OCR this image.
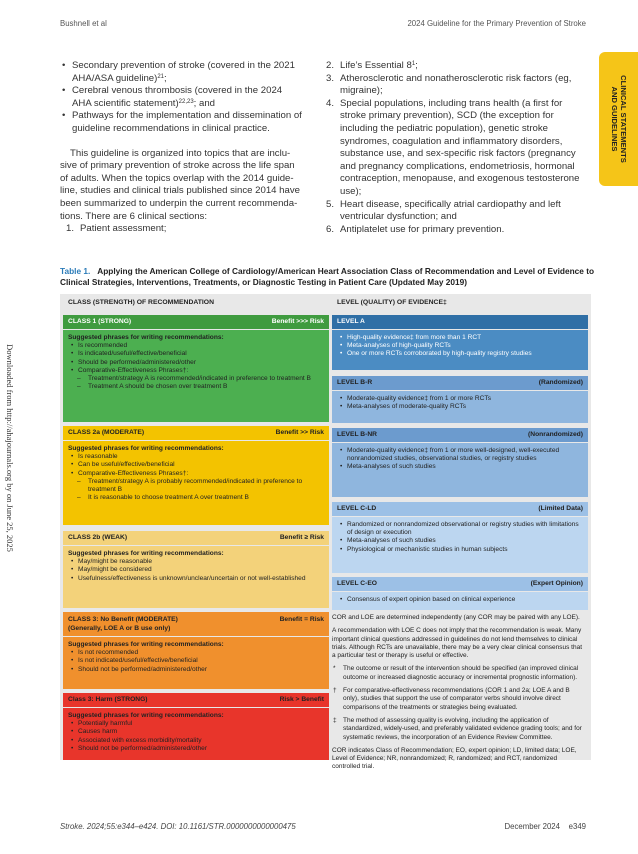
Bushnell et al	2024 Guideline for the Primary Prevention of Stroke
CLINICAL STATEMENTS
AND GUIDELINES
Downloaded from http://ahajournals.org by on June 25, 2025
• Secondary prevention of stroke (covered in the 2021 AHA/ASA guideline)$^{21}$;
• Cerebral venous thrombosis (covered in the 2024 AHA scientific statement)$^{22,23}$; and
• Pathways for the implementation and dissemination of guideline recommendations in clinical practice.
This guideline is organized into topics that are inclu-
sive of primary prevention of stroke across the life span
of adults. When the topics overlap with the 2014 guide-
line, studies and clinical trials published since 2014 have
been summarized to underpin the current recommenda-
tions. There are 6 clinical sections:
1. Patient assessment;
2. Life’s Essential $8^1$;
3. Atherosclerotic and nonatherosclerotic risk factors (eg, migraine);
4. Special populations, including trans health (a first for stroke primary prevention), SCD (the exception for including the pediatric population), genetic stroke syndromes, coagulation and inflammatory disorders, substance use, and sex-specific risk factors (pregnancy and pregnancy complications, endometriosis, hormonal contraception, menopause, and exogenous testosterone use);
5. Heart disease, specifically atrial cardiopathy and left ventricular dysfunction; and
6. Antiplatelet use for primary prevention.
Table 1. Applying the American College of Cardiology/American Heart Association Class of Recommendation and Level of Evidence to Clinical Strategies, Interventions, Treatments, or Diagnostic Testing in Patient Care (Updated May 2019)
CLASS (STRENGTH) OF RECOMMENDATION
CLASS 1 (STRONG)	Benefit >>> Risk
Suggested phrases for writing recommendations:
• Is recommended
• Is indicated/useful/effective/beneficial
• Should be performed/administered/other
• Comparative-Effectiveness Phrases†:
– Treatment/strategy A is recommended/indicated in preference to treatment B
– Treatment A should be chosen over treatment B
CLASS 2a (MODERATE)	Benefit >> Risk
Suggested phrases for writing recommendations:
• Is reasonable
• Can be useful/effective/beneficial
• Comparative-Effectiveness Phrases†:
– Treatment/strategy A is probably recommended/indicated in preference to treatment B
– It is reasonable to choose treatment A over treatment B
CLASS 2b (WEAK)	Benefit ≥ Risk
Suggested phrases for writing recommendations:
• May/might be reasonable
• May/might be considered
• Usefulness/effectiveness is unknown/unclear/uncertain or not well-established
CLASS 3: No Benefit (MODERATE)
(Generally, LOE A or B use only)
Benefit = Risk
Suggested phrases for writing recommendations:
• Is not recommended
• Is not indicated/useful/effective/beneficial
• Should not be performed/administered/other
Class 3: Harm (STRONG)	Risk > Benefit
Suggested phrases for writing recommendations:
• Potentially harmful
• Causes harm
• Associated with excess morbidity/mortality
• Should not be performed/administered/other
LEVEL (QUALITY) OF EVIDENCE‡
LEVEL A
• High-quality evidence‡ from more than 1 RCT
• Meta-analyses of high-quality RCTs
• One or more RCTs corroborated by high-quality registry studies
LEVEL B-R	(Randomized)
• Moderate-quality evidence‡ from 1 or more RCTs
• Meta-analyses of moderate-quality RCTs
LEVEL B-NR	(Nonrandomized)
• Moderate-quality evidence‡ from 1 or more well-designed, well-executed nonrandomized studies, observational studies, or registry studies
• Meta-analyses of such studies
LEVEL C-LD	(Limited Data)
• Randomized or nonrandomized observational or registry studies with limitations of design or execution
• Meta-analyses of such studies
• Physiological or mechanistic studies in human subjects
LEVEL C-EO	(Expert Opinion)
• Consensus of expert opinion based on clinical experience

COR and LOE are determined independently (any COR may be paired with any LOE).

A recommendation with LOE C does not imply that the recommendation is weak. Many important clinical questions addressed in guidelines do not lend themselves to clinical trials. Although RCTs are unavailable, there may be a very clear clinical consensus that a particular test or therapy is useful or effective.

* The outcome or result of the intervention should be specified (an improved clinical outcome or increased diagnostic accuracy or incremental prognostic information).

† For comparative-effectiveness recommendations (COR 1 and 2a; LOE A and B only), studies that support the use of comparator verbs should involve direct comparisons of the treatments or strategies being evaluated.

‡ The method of assessing quality is evolving, including the application of standardized, widely-used, and preferably validated evidence grading tools; and for systematic reviews, the incorporation of an Evidence Review Committee.

COR indicates Class of Recommendation; EO, expert opinion; LD, limited data; LOE, Level of Evidence; NR, nonrandomized; R, randomized; and RCT, randomized controlled trial.

Stroke. 2024;55:e344–e424. DOI: 10.1161/STR.0000000000000475	December 2024    e349
